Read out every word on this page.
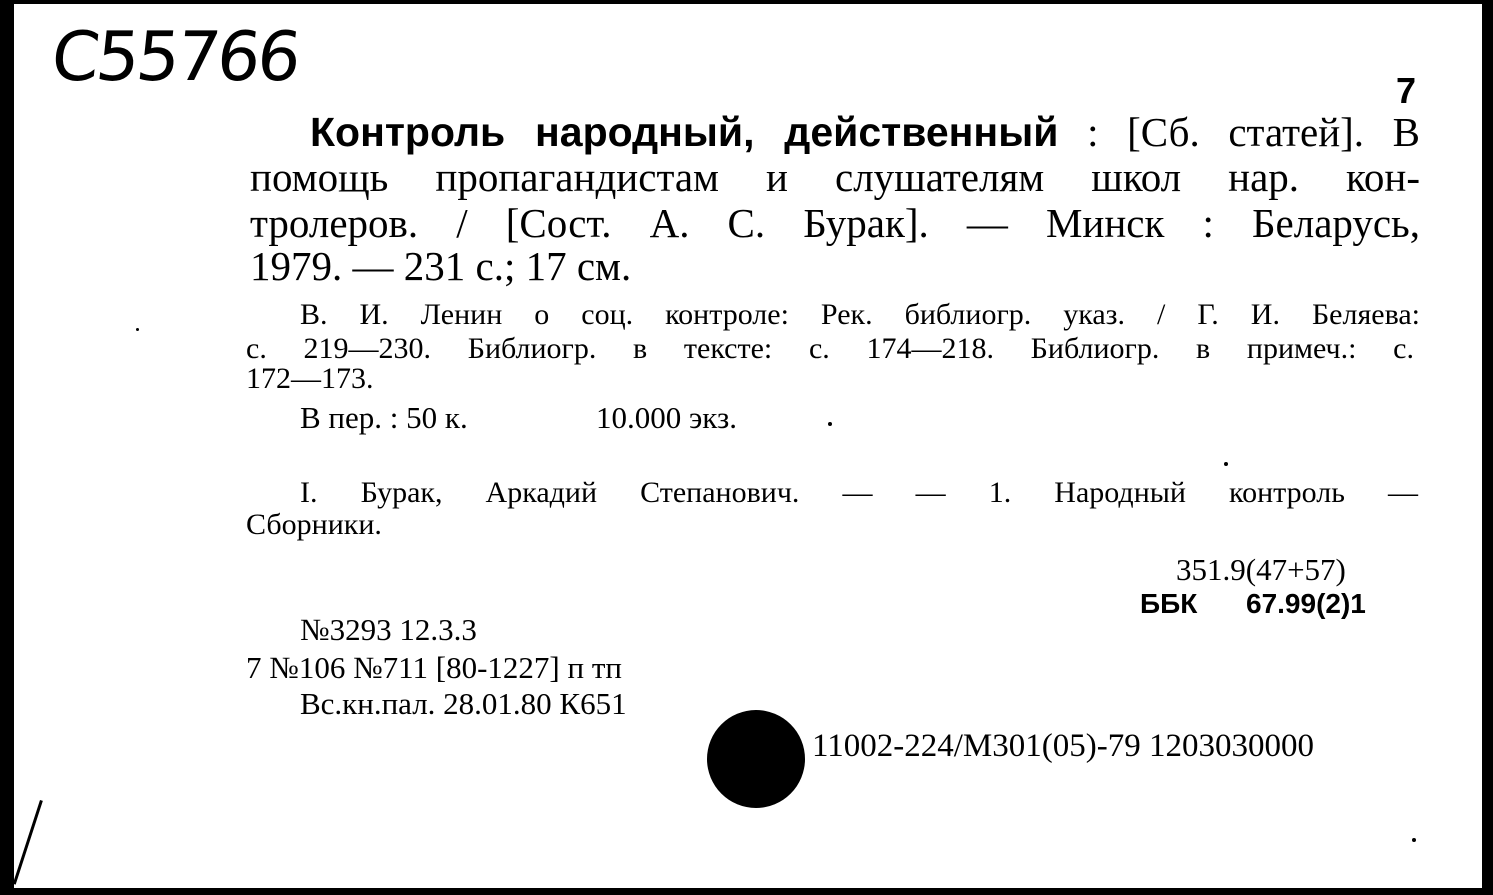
С55766	7
Контроль народный, действенный : [Сб. статей]. В
помощь пропагандистам и слушателям школ нар. кон-
тролеров. / [Сост. А. С. Бурак]. — Минск : Беларусь,
1979. — 231 с.; 17 см.
В. И. Ленин о соц. контроле: Рек. библиогр. указ. / Г. И. Беляева:
с. 219—230. Библиогр. в тексте: с. 174—218. Библиогр. в примеч.: с.
172—173.
В пер. : 50 к.	10.000 экз.
I. Бурак, Аркадий Степанович. — — 1. Народный контроль —
Сборники.
351.9(47+57)
ББК 67.99(2)1
№3293 12.3.3
7 №106 №711 [80-1227] п тп
Вс.кн.пал. 28.01.80 К651
11002-224/М301(05)-79 1203030000
